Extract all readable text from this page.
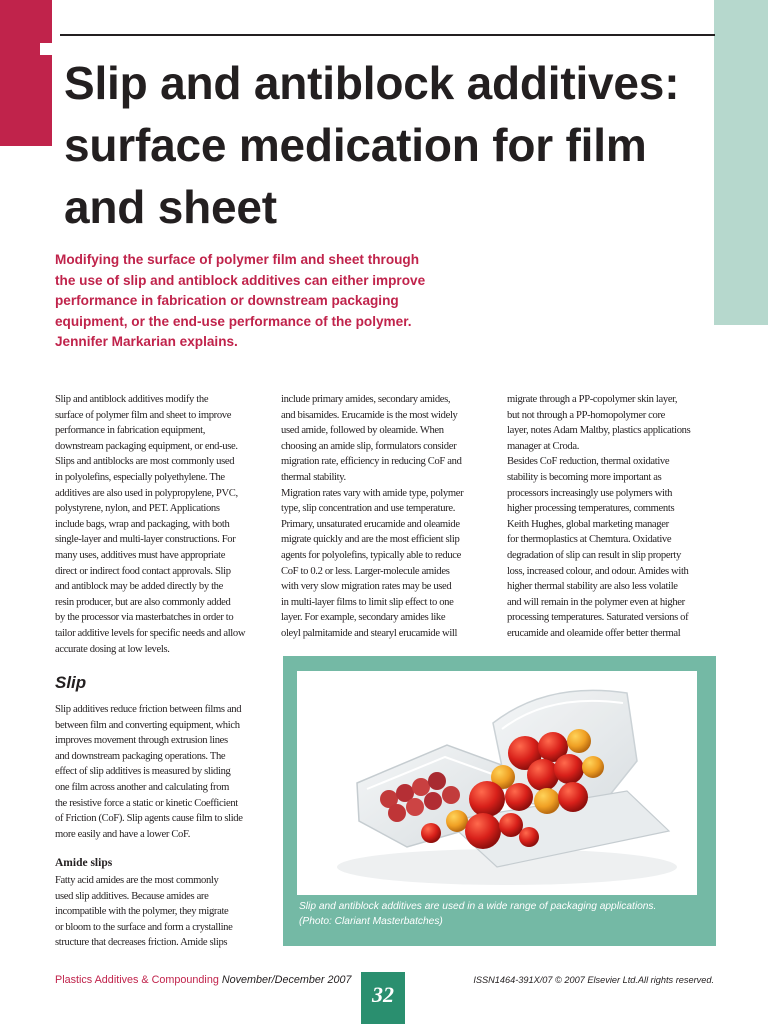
Slip and antiblock additives:
surface medication for film
and sheet
Modifying the surface of polymer film and sheet through
the use of slip and antiblock additives can either improve
performance in fabrication or downstream packaging
equipment, or the end-use performance of the polymer.
Jennifer Markarian explains.
Slip and antiblock additives modify the
surface of polymer film and sheet to improve
performance in fabrication equipment,
downstream packaging equipment, or end-use.
Slips and antiblocks are most commonly used
in polyolefins, especially polyethylene. The
additives are also used in polypropylene, PVC,
polystyrene, nylon, and PET. Applications
include bags, wrap and packaging, with both
single-layer and multi-layer constructions. For
many uses, additives must have appropriate
direct or indirect food contact approvals. Slip
and antiblock may be added directly by the
resin producer, but are also commonly added
by the processor via masterbatches in order to
tailor additive levels for specific needs and allow
accurate dosing at low levels.
include primary amides, secondary amides,
and bisamides. Erucamide is the most widely
used amide, followed by oleamide. When
choosing an amide slip, formulators consider
migration rate, efficiency in reducing CoF and
thermal stability.
Migration rates vary with amide type, polymer
type, slip concentration and use temperature.
Primary, unsaturated erucamide and oleamide
migrate quickly and are the most efficient slip
agents for polyolefins, typically able to reduce
CoF to 0.2 or less. Larger-molecule amides
with very slow migration rates may be used
in multi-layer films to limit slip effect to one
layer. For example, secondary amides like
oleyl palmitamide and stearyl erucamide will
migrate through a PP-copolymer skin layer,
but not through a PP-homopolymer core
layer, notes Adam Maltby, plastics applications
manager at Croda.
Besides CoF reduction, thermal oxidative
stability is becoming more important as
processors increasingly use polymers with
higher processing temperatures, comments
Keith Hughes, global marketing manager
for thermoplastics at Chemtura. Oxidative
degradation of slip can result in slip property
loss, increased colour, and odour. Amides with
higher thermal stability are also less volatile
and will remain in the polymer even at higher
processing temperatures. Saturated versions of
erucamide and oleamide offer better thermal
Slip
Slip additives reduce friction between films and
between film and converting equipment, which
improves movement through extrusion lines
and downstream packaging operations. The
effect of slip additives is measured by sliding
one film across another and calculating from
the resistive force a static or kinetic Coefficient
of Friction (CoF). Slip agents cause film to slide
more easily and have a lower CoF.
Amide slips
Fatty acid amides are the most commonly
used slip additives. Because amides are
incompatible with the polymer, they migrate
or bloom to the surface and form a crystalline
structure that decreases friction. Amide slips
Slip and antiblock additives are used in a wide range of packaging applications.
(Photo: Clariant Masterbatches)
Plastics Additives & Compounding November/December 2007
32
ISSN1464-391X/07 © 2007 Elsevier Ltd.All rights reserved.
